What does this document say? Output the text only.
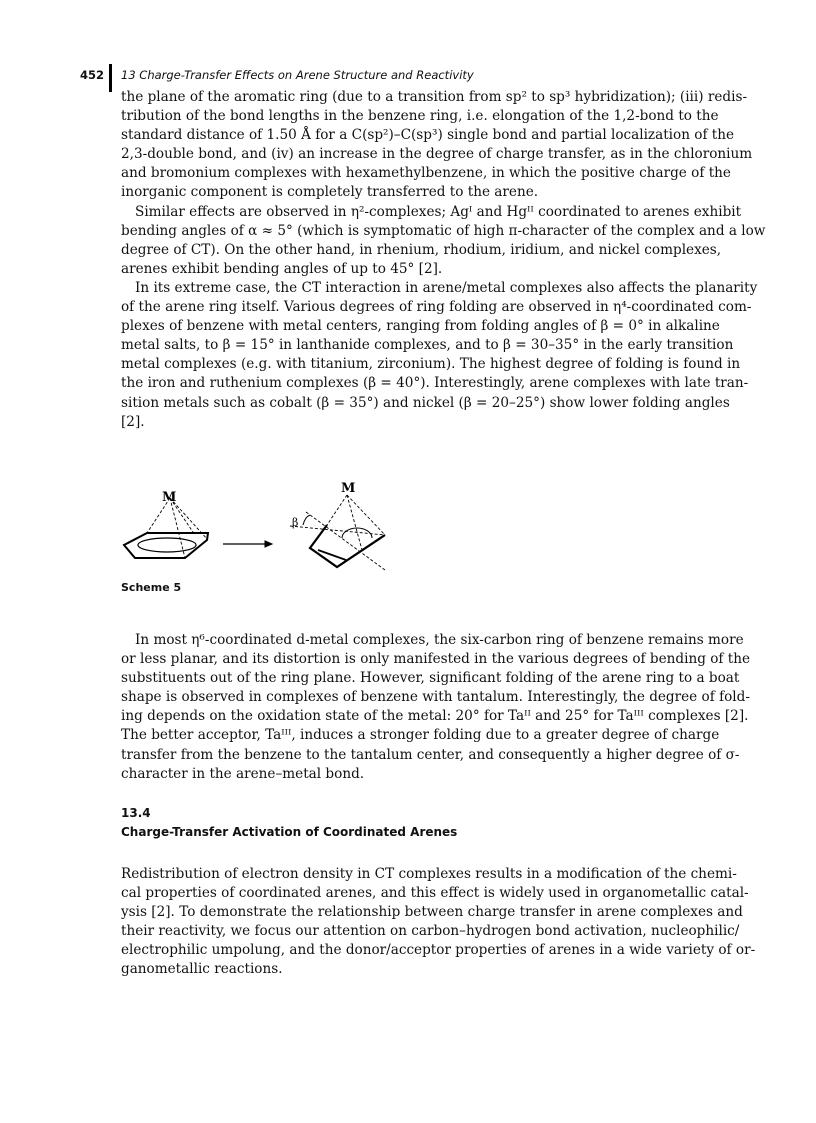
452 13 Charge-Transfer Effects on Arene Structure and Reactivity
the plane of the aromatic ring (due to a transition from sp² to sp³ hybridization); (iii) redis-
tribution of the bond lengths in the benzene ring, i.e. elongation of the 1,2-bond to the
standard distance of 1.50 Å for a C(sp²)–C(sp³) single bond and partial localization of the
2,3-double bond, and (iv) an increase in the degree of charge transfer, as in the chloronium
and bromonium complexes with hexamethylbenzene, in which the positive charge of the
inorganic component is completely transferred to the arene.
Similar effects are observed in η²-complexes; Agᴵ and Hgᴵᴵ coordinated to arenes exhibit
bending angles of α ≈ 5° (which is symptomatic of high π-character of the complex and a low
degree of CT). On the other hand, in rhenium, rhodium, iridium, and nickel complexes,
arenes exhibit bending angles of up to 45° [2].
In its extreme case, the CT interaction in arene/metal complexes also affects the planarity
of the arene ring itself. Various degrees of ring folding are observed in η⁴-coordinated com-
plexes of benzene with metal centers, ranging from folding angles of β = 0° in alkaline
metal salts, to β = 15° in lanthanide complexes, and to β = 30–35° in the early transition
metal complexes (e.g. with titanium, zirconium). The highest degree of folding is found in
the iron and ruthenium complexes (β = 40°). Interestingly, arene complexes with late tran-
sition metals such as cobalt (β = 35°) and nickel (β = 20–25°) show lower folding angles
[2].
M
M
β
Scheme 5
In most η⁶-coordinated d-metal complexes, the six-carbon ring of benzene remains more
or less planar, and its distortion is only manifested in the various degrees of bending of the
substituents out of the ring plane. However, significant folding of the arene ring to a boat
shape is observed in complexes of benzene with tantalum. Interestingly, the degree of fold-
ing depends on the oxidation state of the metal: 20° for Taᴵᴵ and 25° for Taᴵᴵᴵ complexes [2].
The better acceptor, Taᴵᴵᴵ, induces a stronger folding due to a greater degree of charge
transfer from the benzene to the tantalum center, and consequently a higher degree of σ-
character in the arene–metal bond.
13.4
Charge-Transfer Activation of Coordinated Arenes
Redistribution of electron density in CT complexes results in a modification of the chemi-
cal properties of coordinated arenes, and this effect is widely used in organometallic catal-
ysis [2]. To demonstrate the relationship between charge transfer in arene complexes and
their reactivity, we focus our attention on carbon–hydrogen bond activation, nucleophilic/
electrophilic umpolung, and the donor/acceptor properties of arenes in a wide variety of or-
ganometallic reactions.
